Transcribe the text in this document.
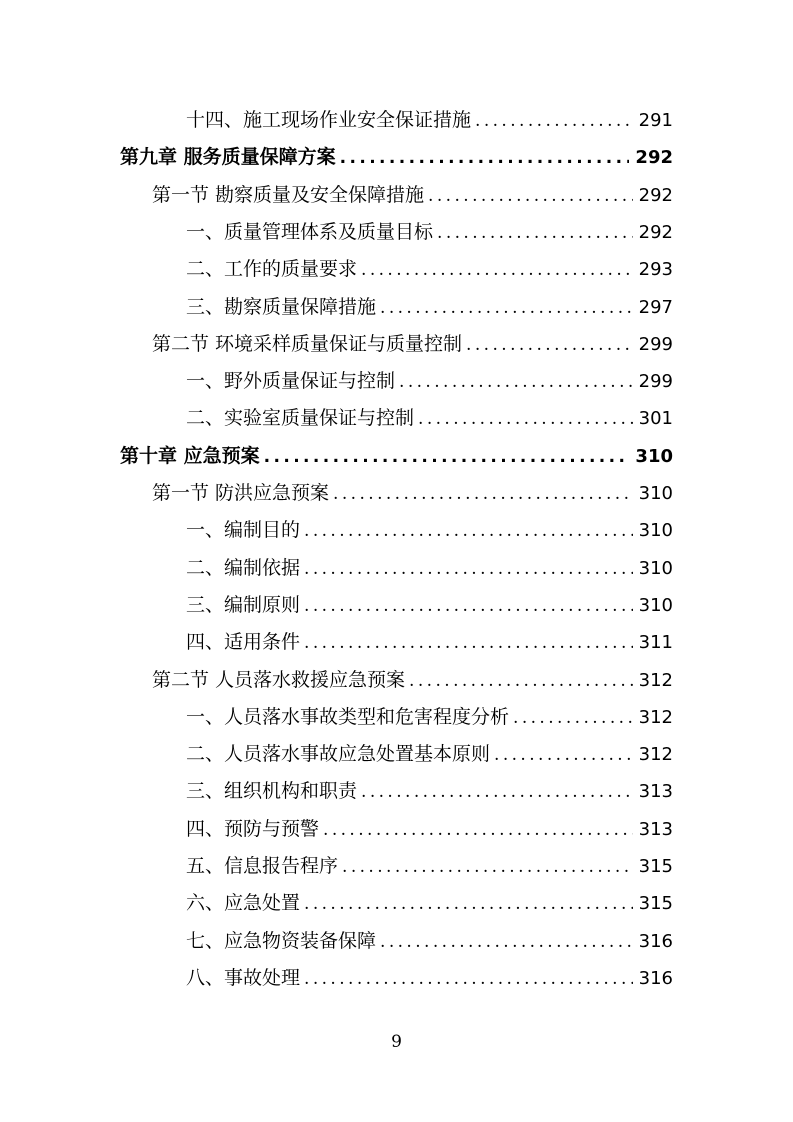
十四、施工现场作业安全保证措施 .....	291
第九章 服务质量保障方案 .....	292
第一节 勘察质量及安全保障措施 .....	292
一、质量管理体系及质量目标 .....	292
二、工作的质量要求 .....	293
三、勘察质量保障措施 .....	297
第二节 环境采样质量保证与质量控制 .....	299
一、野外质量保证与控制 .....	299
二、实验室质量保证与控制 .....	301
第十章 应急预案 .....	310
第一节 防洪应急预案 .....	310
一、编制目的 .....	310
二、编制依据 .....	310
三、编制原则 .....	310
四、适用条件 .....	311
第二节 人员落水救援应急预案 .....	312
一、人员落水事故类型和危害程度分析 .....	312
二、人员落水事故应急处置基本原则 .....	312
三、组织机构和职责 .....	313
四、预防与预警 .....	313
五、信息报告程序 .....	315
六、应急处置 .....	315
七、应急物资装备保障 .....	316
八、事故处理 .....	316
9
